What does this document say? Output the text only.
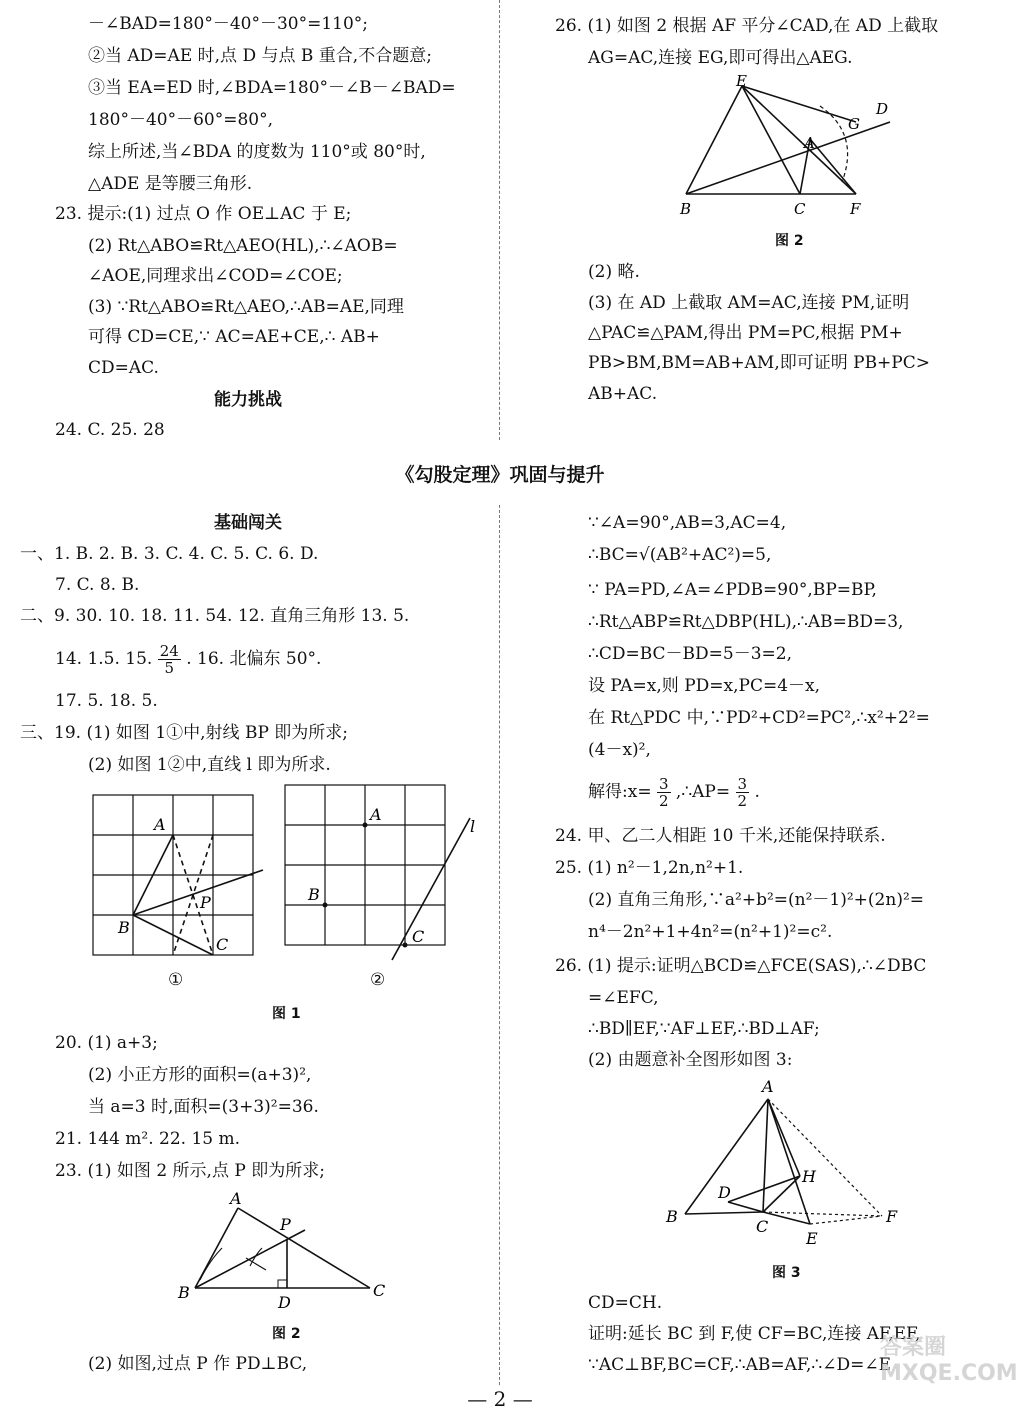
－∠BAD=180°－40°－30°=110°;
②当 AD=AE 时,点 D 与点 B 重合,不合题意;
③当 EA=ED 时,∠BDA=180°－∠B－∠BAD=
180°－40°－60°=80°,
综上所述,当∠BDA 的度数为 110°或 80°时,
△ADE 是等腰三角形.
23. 提示:(1) 过点 O 作 OE⊥AC 于 E;
(2) Rt△ABO≌Rt△AEO(HL),∴∠AOB=
∠AOE,同理求出∠COD=∠COE;
(3) ∵Rt△ABO≌Rt△AEO,∴AB=AE,同理
可得 CD=CE,∵ AC=AE+CE,∴ AB+
CD=AC.
能力挑战
24. C. 25. 28
26. (1) 如图 2 根据 AF 平分∠CAD,在 AD 上截取
AG=AC,连接 EG,即可得出△AEG.
E
D
G
A
B	C	F
图 2
(2) 略.
(3) 在 AD 上截取 AM=AC,连接 PM,证明
△PAC≌△PAM,得出 PM=PC,根据 PM+
PB>BM,BM=AB+AM,即可证明 PB+PC>
AB+AC.
《勾股定理》巩固与提升
基础闯关
一、1. B. 2. B. 3. C. 4. C. 5. C. 6. D.
7. C. 8. B.
二、9. 30. 10. 18. 11. 54. 12. 直角三角形 13. 5.
14. 1.5. 15. $\frac{24}{5}$ . 16. 北偏东 50°.
17. 5. 18. 5.
三、19. (1) 如图 1①中,射线 BP 即为所求;
(2) 如图 1②中,直线 l 即为所求.
A
P
B
C
①
A
B
C
l
②
图 1
20. (1) a+3;
(2) 小正方形的面积=(a+3)²,
当 a=3 时,面积=(3+3)²=36.
21. 144 m². 22. 15 m.
23. (1) 如图 2 所示,点 P 即为所求;
A
P
B
D
C
图 2
(2) 如图,过点 P 作 PD⊥BC,
∵∠A=90°,AB=3,AC=4,
∴BC=√(AB²+AC²)=5,
∵ PA=PD,∠A=∠PDB=90°,BP=BP,
∴Rt△ABP≌Rt△DBP(HL),∴AB=BD=3,
∴CD=BC－BD=5－3=2,
设 PA=x,则 PD=x,PC=4－x,
在 Rt△PDC 中,∵PD²+CD²=PC²,∴x²+2²=
(4－x)²,
解得:x= $\frac{3}{2}$ ,∴AP= $\frac{3}{2}$ .
24. 甲、乙二人相距 10 千米,还能保持联系.
25. (1) n²－1,2n,n²+1.
(2) 直角三角形,∵a²+b²=(n²－1)²+(2n)²=
n⁴－2n²+1+4n²=(n²+1)²=c².
26. (1) 提示:证明△BCD≌△FCE(SAS),∴∠DBC
=∠EFC,
∴BD∥EF,∵AF⊥EF,∴BD⊥AF;
(2) 由题意补全图形如图 3:
A
H
D
B
C
F
E
图 3
CD=CH.
证明:延长 BC 到 F,使 CF=BC,连接 AF,EF,
∵AC⊥BF,BC=CF,∴AB=AF,∴∠D=∠E
— 2 —
答案圈 MXQE.COM
